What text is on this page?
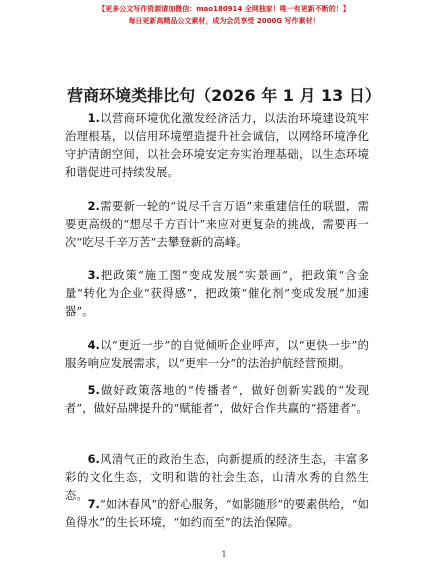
【更多公文写作资源请加微信：mao180914 全网独家！唯一有更新不断的！】
每日更新高精品公文素材，成为会员享受 2000G 写作素材！
营商环境类排比句（2026 年 1 月 13 日）

1.以营商环境优化激发经济活力，以法治环境建设筑牢治理根基，以信用环境塑造提升社会诚信，以网络环境净化守护清朗空间，以社会环境安定夯实治理基础，以生态环境和谐促进可持续发展。

2.需要新一轮的“说尽千言万语”来重建信任的联盟，需要更高级的“想尽千方百计”来应对更复杂的挑战，需要再一次“吃尽千辛万苦”去攀登新的高峰。

3.把政策“施工图”变成发展“实景画”，把政策“含金量”转化为企业“获得感”，把政策“催化剂”变成发展“加速器”。

4.以“更近一步”的自觉倾听企业呼声，以“更快一步”的服务响应发展需求，以“更牢一分”的法治护航经营预期。

5.做好政策落地的“传播者”，做好创新实践的“发现者”，做好品牌提升的“赋能者”，做好合作共赢的“搭建者”。

6.风清气正的政治生态，向新提质的经济生态，丰富多彩的文化生态，文明和谐的社会生态，山清水秀的自然生态。

7.“如沐春风”的舒心服务，“如影随形”的要素供给，“如鱼得水”的生长环境，“如约而至”的法治保障。

1
